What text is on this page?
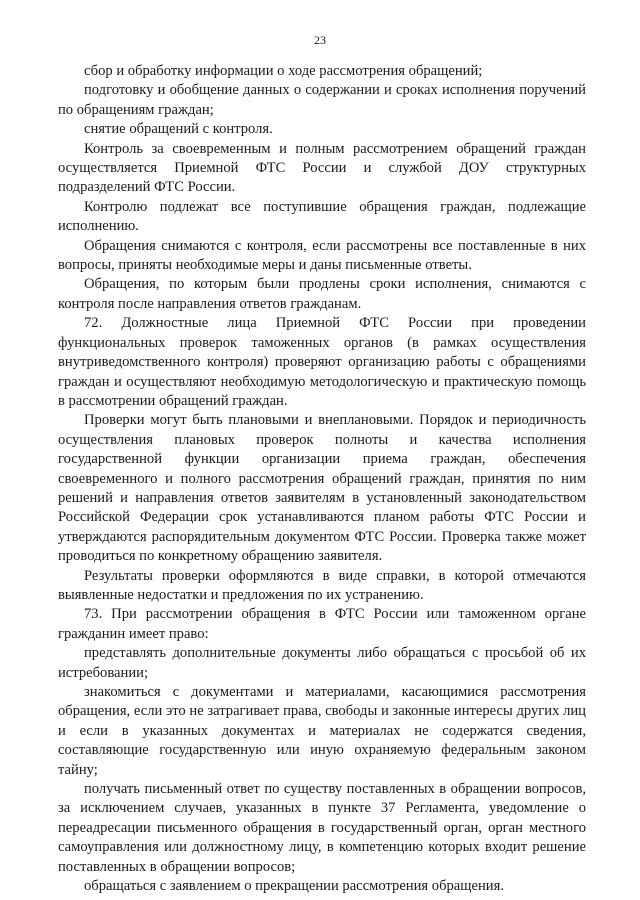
23

сбор и обработку информации о ходе рассмотрения обращений;

подготовку и обобщение данных о содержании и сроках исполнения поручений по обращениям граждан;

снятие обращений с контроля.

Контроль за своевременным и полным рассмотрением обращений граждан осуществляется Приемной ФТС России и службой ДОУ структурных подразделений ФТС России.

Контролю подлежат все поступившие обращения граждан, подлежащие исполнению.

Обращения снимаются с контроля, если рассмотрены все поставленные в них вопросы, приняты необходимые меры и даны письменные ответы.

Обращения, по которым были продлены сроки исполнения, снимаются с контроля после направления ответов гражданам.

72. Должностные лица Приемной ФТС России при проведении функциональных проверок таможенных органов (в рамках осуществления внутриведомственного контроля) проверяют организацию работы с обращениями граждан и осуществляют необходимую методологическую и практическую помощь в рассмотрении обращений граждан.

Проверки могут быть плановыми и внеплановыми. Порядок и периодичность осуществления плановых проверок полноты и качества исполнения государственной функции организации приема граждан, обеспечения своевременного и полного рассмотрения обращений граждан, принятия по ним решений и направления ответов заявителям в установленный законодательством Российской Федерации срок устанавливаются планом работы ФТС России и утверждаются распорядительным документом ФТС России. Проверка также может проводиться по конкретному обращению заявителя.

Результаты проверки оформляются в виде справки, в которой отмечаются выявленные недостатки и предложения по их устранению.

73. При рассмотрении обращения в ФТС России или таможенном органе гражданин имеет право:

представлять дополнительные документы либо обращаться с просьбой об их истребовании;

знакомиться с документами и материалами, касающимися рассмотрения обращения, если это не затрагивает права, свободы и законные интересы других лиц и если в указанных документах и материалах не содержатся сведения, составляющие государственную или иную охраняемую федеральным законом тайну;

получать письменный ответ по существу поставленных в обращении вопросов, за исключением случаев, указанных в пункте 37 Регламента, уведомление о переадресации письменного обращения в государственный орган, орган местного самоуправления или должностному лицу, в компетенцию которых входит решение поставленных в обращении вопросов;

обращаться с заявлением о прекращении рассмотрения обращения.
